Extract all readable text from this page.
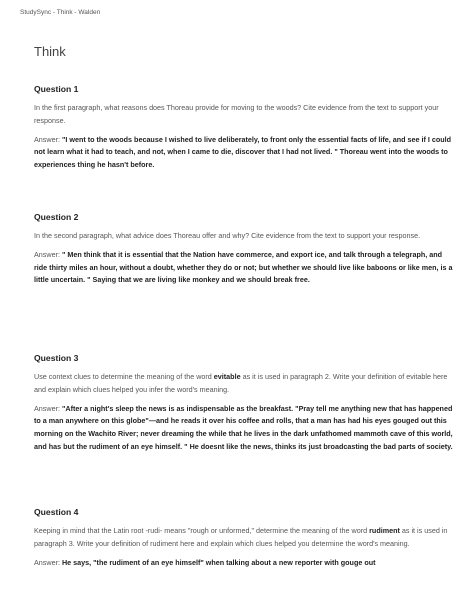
StudySync - Think - Walden
Think
Question 1

In the first paragraph, what reasons does Thoreau provide for moving to the woods? Cite evidence from the text to support your response.

Answer: "I went to the woods because I wished to live deliberately, to front only the essential facts of life, and see if I could not learn what it had to teach, and not, when I came to die, discover that I had not lived. " Thoreau went into the woods to experiences thing he hasn't before.

Question 2

In the second paragraph, what advice does Thoreau offer and why? Cite evidence from the text to support your response.

Answer: " Men think that it is essential that the Nation have commerce, and export ice, and talk through a telegraph, and ride thirty miles an hour, without a doubt, whether they do or not; but whether we should live like baboons or like men, is a little uncertain. " Saying that we are living like monkey and we should break free.

Question 3

Use context clues to determine the meaning of the word evitable as it is used in paragraph 2. Write your definition of evitable here and explain which clues helped you infer the word's meaning.

Answer: "After a night's sleep the news is as indispensable as the breakfast. "Pray tell me anything new that has happened to a man anywhere on this globe"—and he reads it over his coffee and rolls, that a man has had his eyes gouged out this morning on the Wachito River; never dreaming the while that he lives in the dark unfathomed mammoth cave of this world, and has but the rudiment of an eye himself. " He doesnt like the news, thinks its just broadcasting the bad parts of society.

Question 4

Keeping in mind that the Latin root -rudi- means "rough or unformed," determine the meaning of the word rudiment as it is used in paragraph 3. Write your definition of rudiment here and explain which clues helped you determine the word's meaning.

Answer: He says, "the rudiment of an eye himself" when talking about a new reporter with gouge out
